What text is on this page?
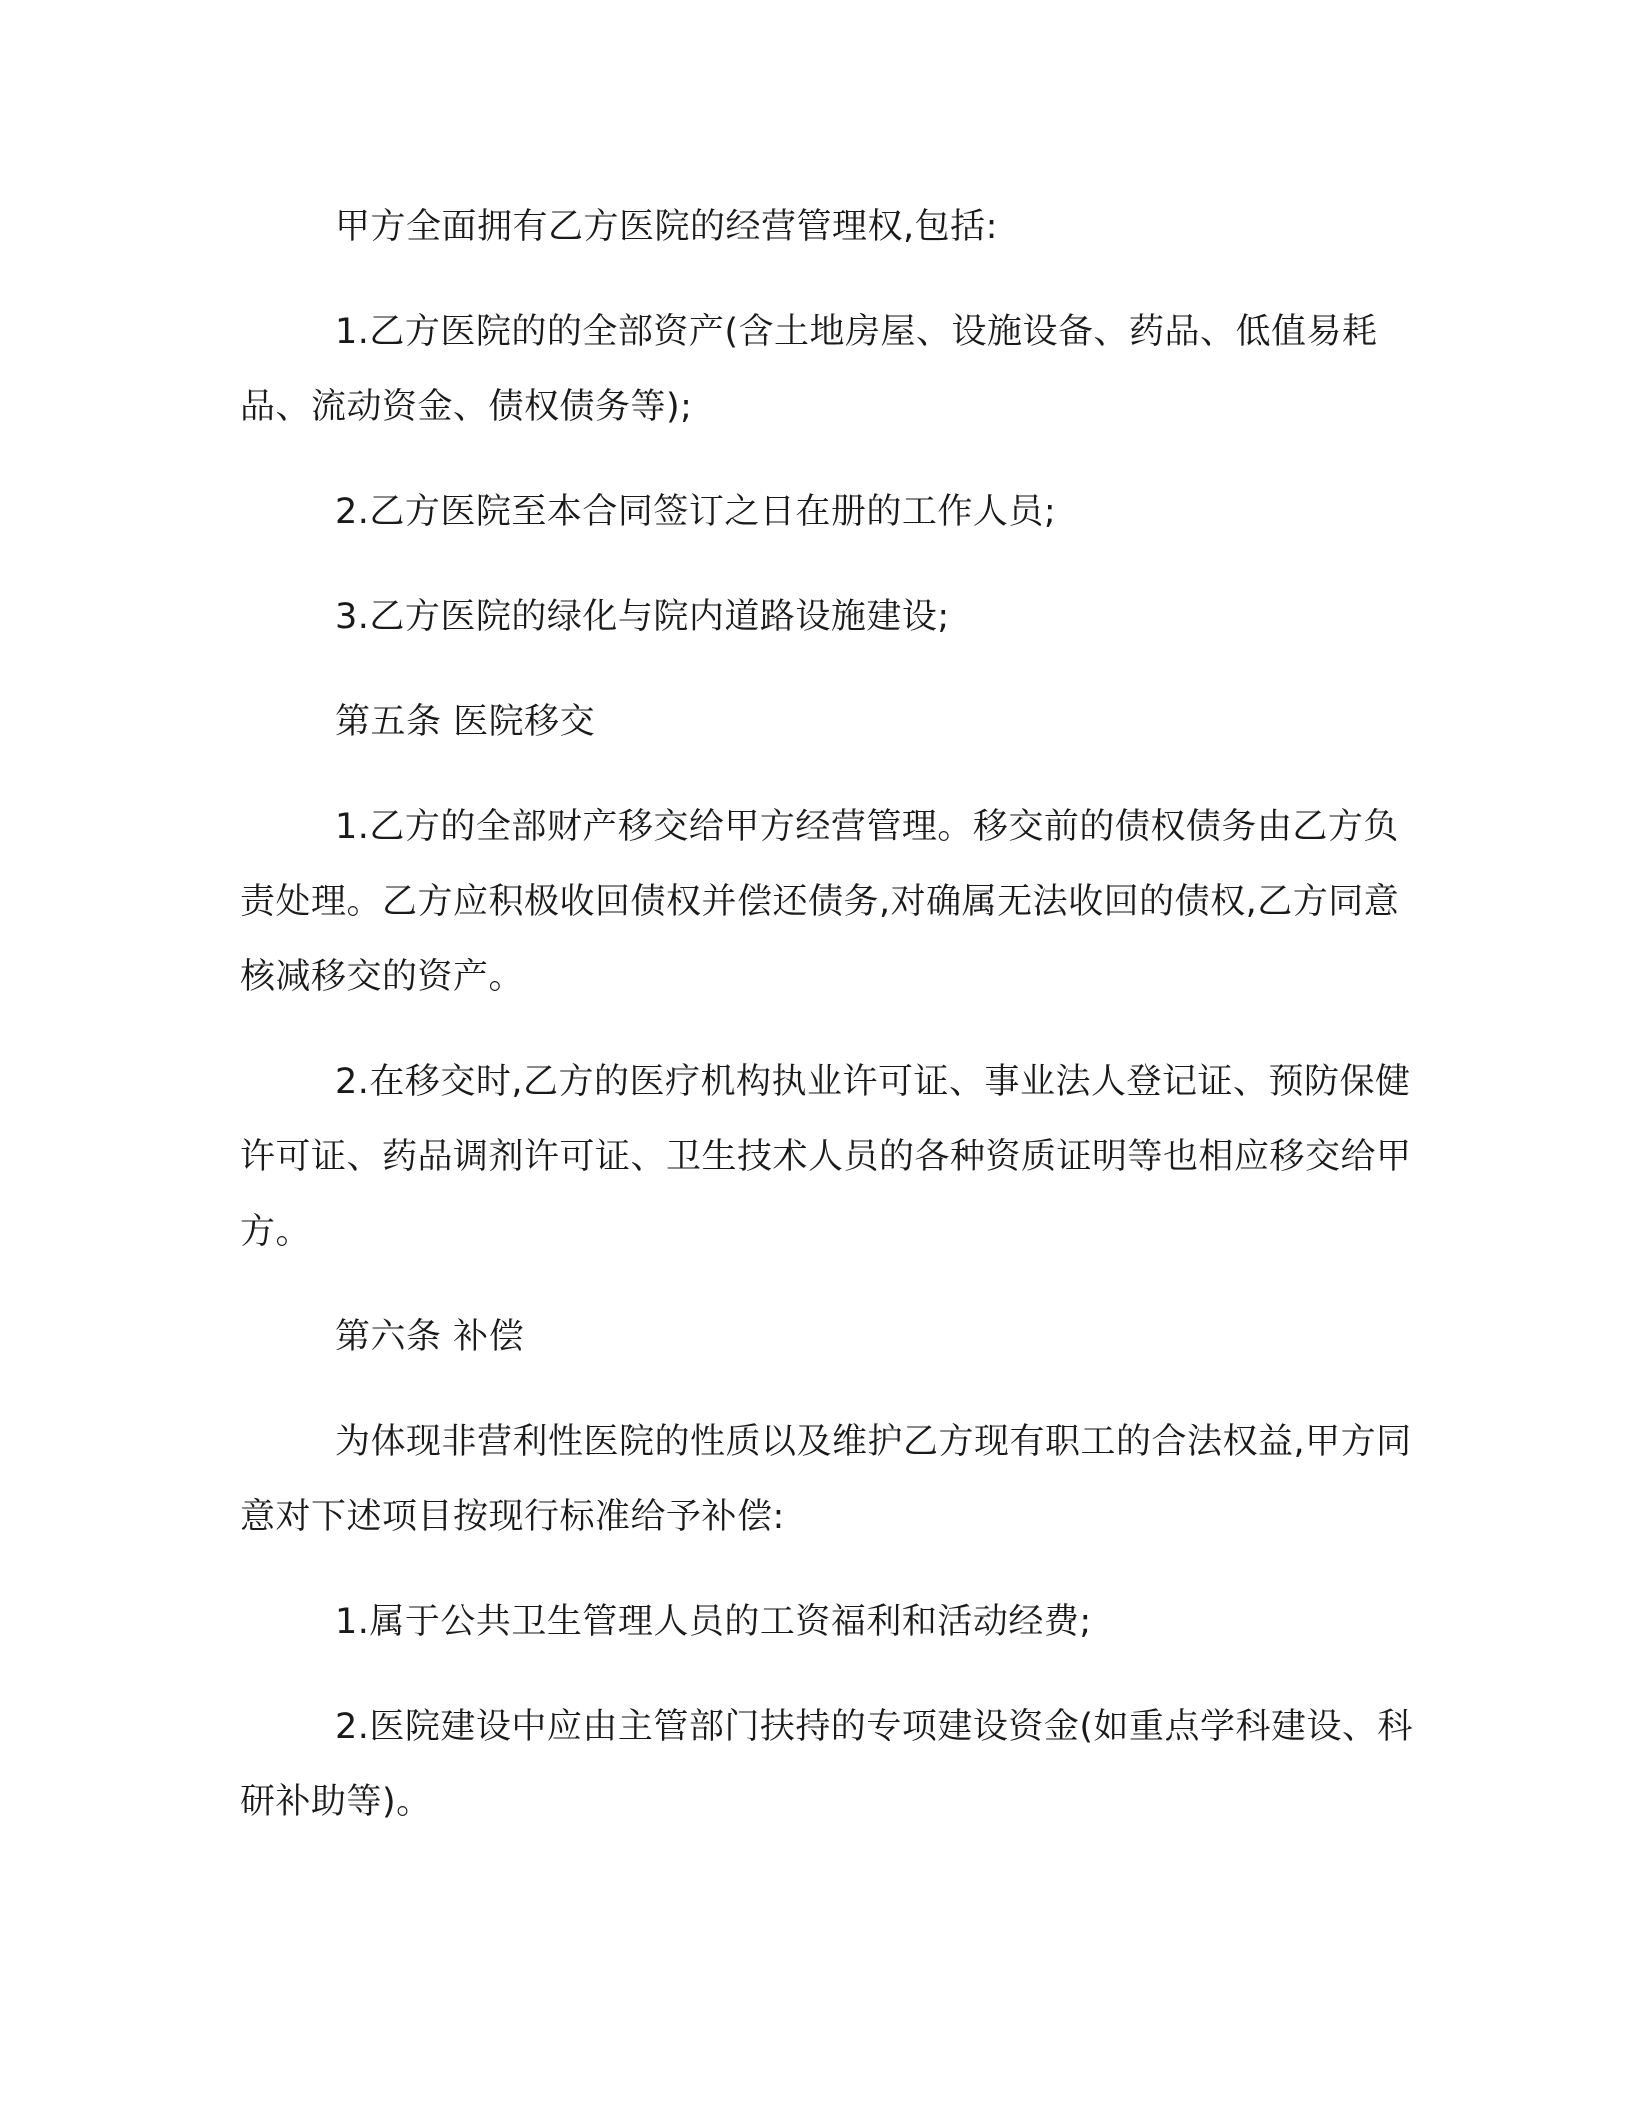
甲方全面拥有乙方医院的经营管理权,包括:

1.乙方医院的的全部资产(含土地房屋、设施设备、药品、低值易耗品、流动资金、债权债务等);

2.乙方医院至本合同签订之日在册的工作人员;

3.乙方医院的绿化与院内道路设施建设;

第五条 医院移交

1.乙方的全部财产移交给甲方经营管理。移交前的债权债务由乙方负责处理。乙方应积极收回债权并偿还债务,对确属无法收回的债权,乙方同意核减移交的资产。

2.在移交时,乙方的医疗机构执业许可证、事业法人登记证、预防保健许可证、药品调剂许可证、卫生技术人员的各种资质证明等也相应移交给甲方。

第六条 补偿

为体现非营利性医院的性质以及维护乙方现有职工的合法权益,甲方同意对下述项目按现行标准给予补偿:

1.属于公共卫生管理人员的工资福利和活动经费;

2.医院建设中应由主管部门扶持的专项建设资金(如重点学科建设、科研补助等)。
